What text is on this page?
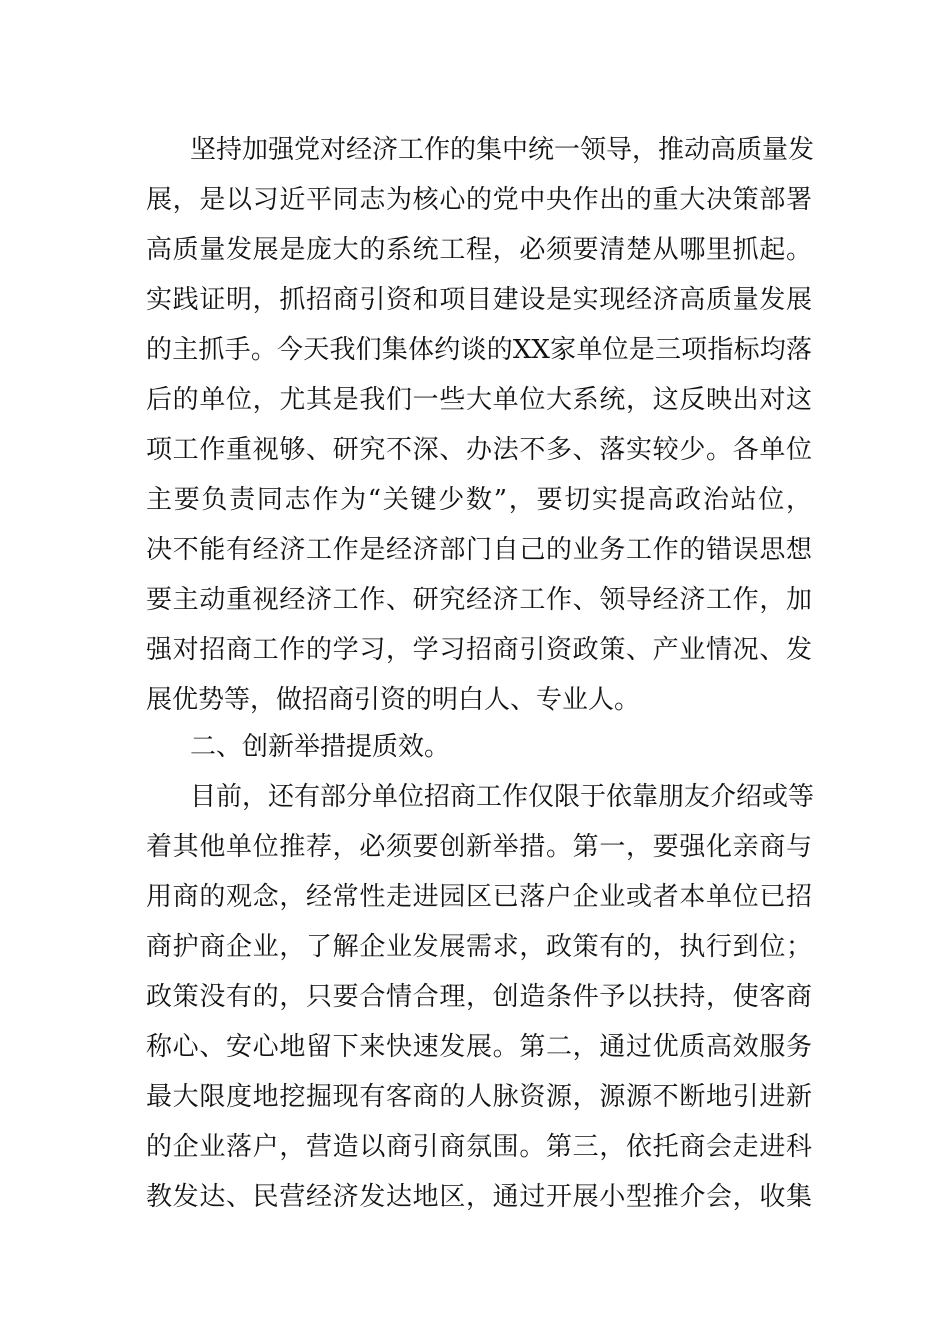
坚持加强党对经济工作的集中统一领导，推动高质量发
展，是以习近平同志为核心的党中央作出的重大决策部署
高质量发展是庞大的系统工程，必须要清楚从哪里抓起。
实践证明，抓招商引资和项目建设是实现经济高质量发展
的主抓手。今天我们集体约谈的XX家单位是三项指标均落
后的单位，尤其是我们一些大单位大系统，这反映出对这
项工作重视够、研究不深、办法不多、落实较少。各单位
主要负责同志作为“关键少数”，要切实提高政治站位，
决不能有经济工作是经济部门自己的业务工作的错误思想
要主动重视经济工作、研究经济工作、领导经济工作，加
强对招商工作的学习，学习招商引资政策、产业情况、发
展优势等，做招商引资的明白人、专业人。
二、创新举措提质效。
目前，还有部分单位招商工作仅限于依靠朋友介绍或等
着其他单位推荐，必须要创新举措。第一，要强化亲商与
用商的观念，经常性走进园区已落户企业或者本单位已招
商护商企业，了解企业发展需求，政策有的，执行到位；
政策没有的，只要合情合理，创造条件予以扶持，使客商
称心、安心地留下来快速发展。第二，通过优质高效服务
最大限度地挖掘现有客商的人脉资源，源源不断地引进新
的企业落户，营造以商引商氛围。第三，依托商会走进科
教发达、民营经济发达地区，通过开展小型推介会，收集
